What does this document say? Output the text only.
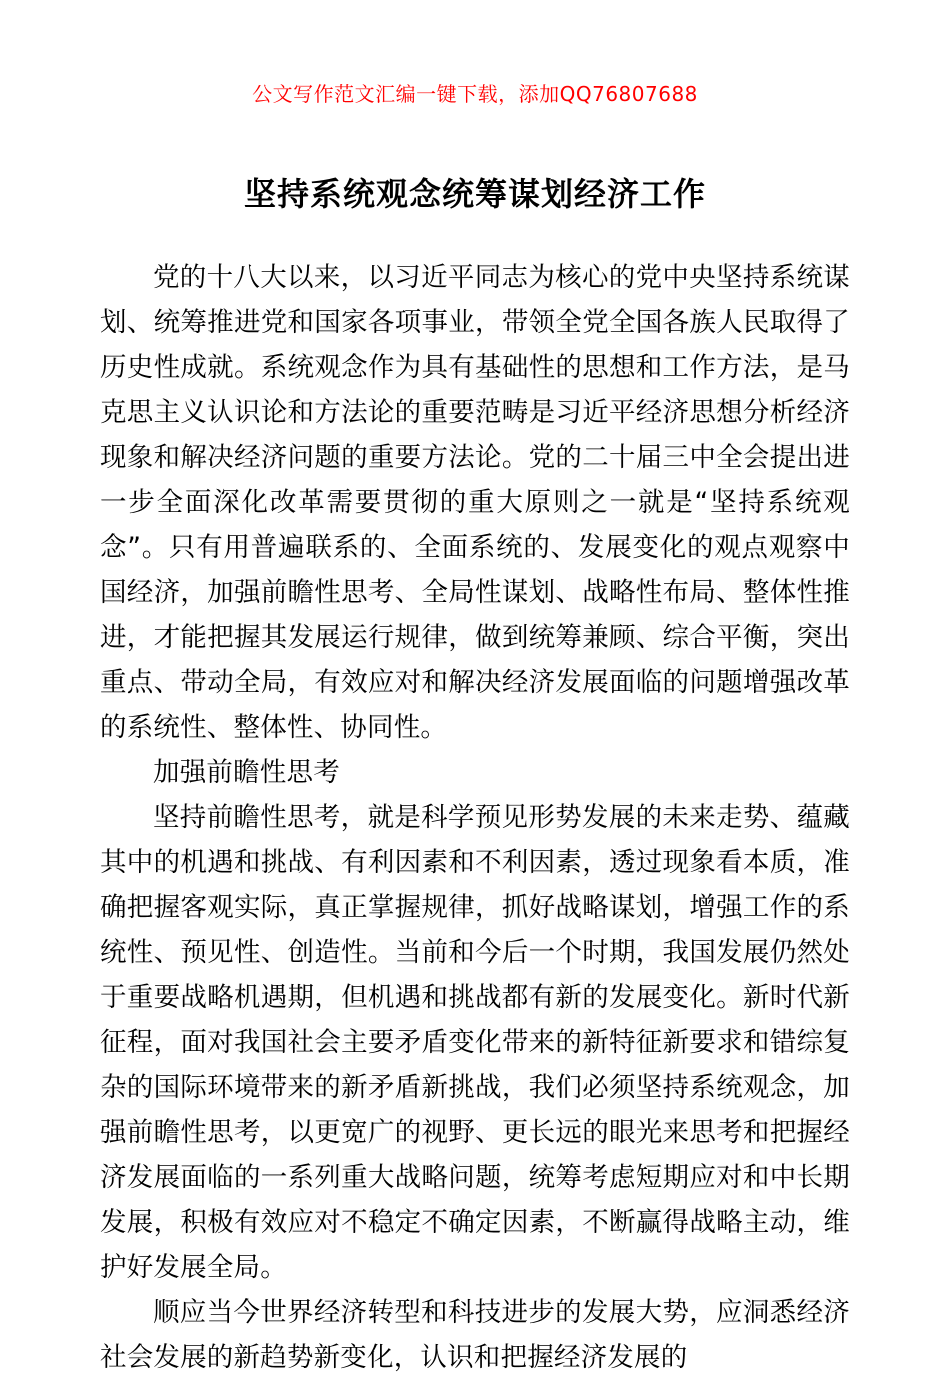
公文写作范文汇编一键下载，添加QQ76807688
坚持系统观念统筹谋划经济工作

党的十八大以来，以习近平同志为核心的党中央坚持系统谋划、统筹推进党和国家各项事业，带领全党全国各族人民取得了历史性成就。系统观念作为具有基础性的思想和工作方法，是马克思主义认识论和方法论的重要范畴是习近平经济思想分析经济现象和解决经济问题的重要方法论。党的二十届三中全会提出进一步全面深化改革需要贯彻的重大原则之一就是“坚持系统观念”。只有用普遍联系的、全面系统的、发展变化的观点观察中国经济，加强前瞻性思考、全局性谋划、战略性布局、整体性推进，才能把握其发展运行规律，做到统筹兼顾、综合平衡，突出重点、带动全局，有效应对和解决经济发展面临的问题增强改革的系统性、整体性、协同性。

加强前瞻性思考

坚持前瞻性思考，就是科学预见形势发展的未来走势、蕴藏其中的机遇和挑战、有利因素和不利因素，透过现象看本质，准确把握客观实际，真正掌握规律，抓好战略谋划，增强工作的系统性、预见性、创造性。当前和今后一个时期，我国发展仍然处于重要战略机遇期，但机遇和挑战都有新的发展变化。新时代新征程，面对我国社会主要矛盾变化带来的新特征新要求和错综复杂的国际环境带来的新矛盾新挑战，我们必须坚持系统观念，加强前瞻性思考，以更宽广的视野、更长远的眼光来思考和把握经济发展面临的一系列重大战略问题，统筹考虑短期应对和中长期发展，积极有效应对不稳定不确定因素，不断赢得战略主动，维护好发展全局。

顺应当今世界经济转型和科技进步的发展大势，应洞悉经济社会发展的新趋势新变化，认识和把握经济发展的
